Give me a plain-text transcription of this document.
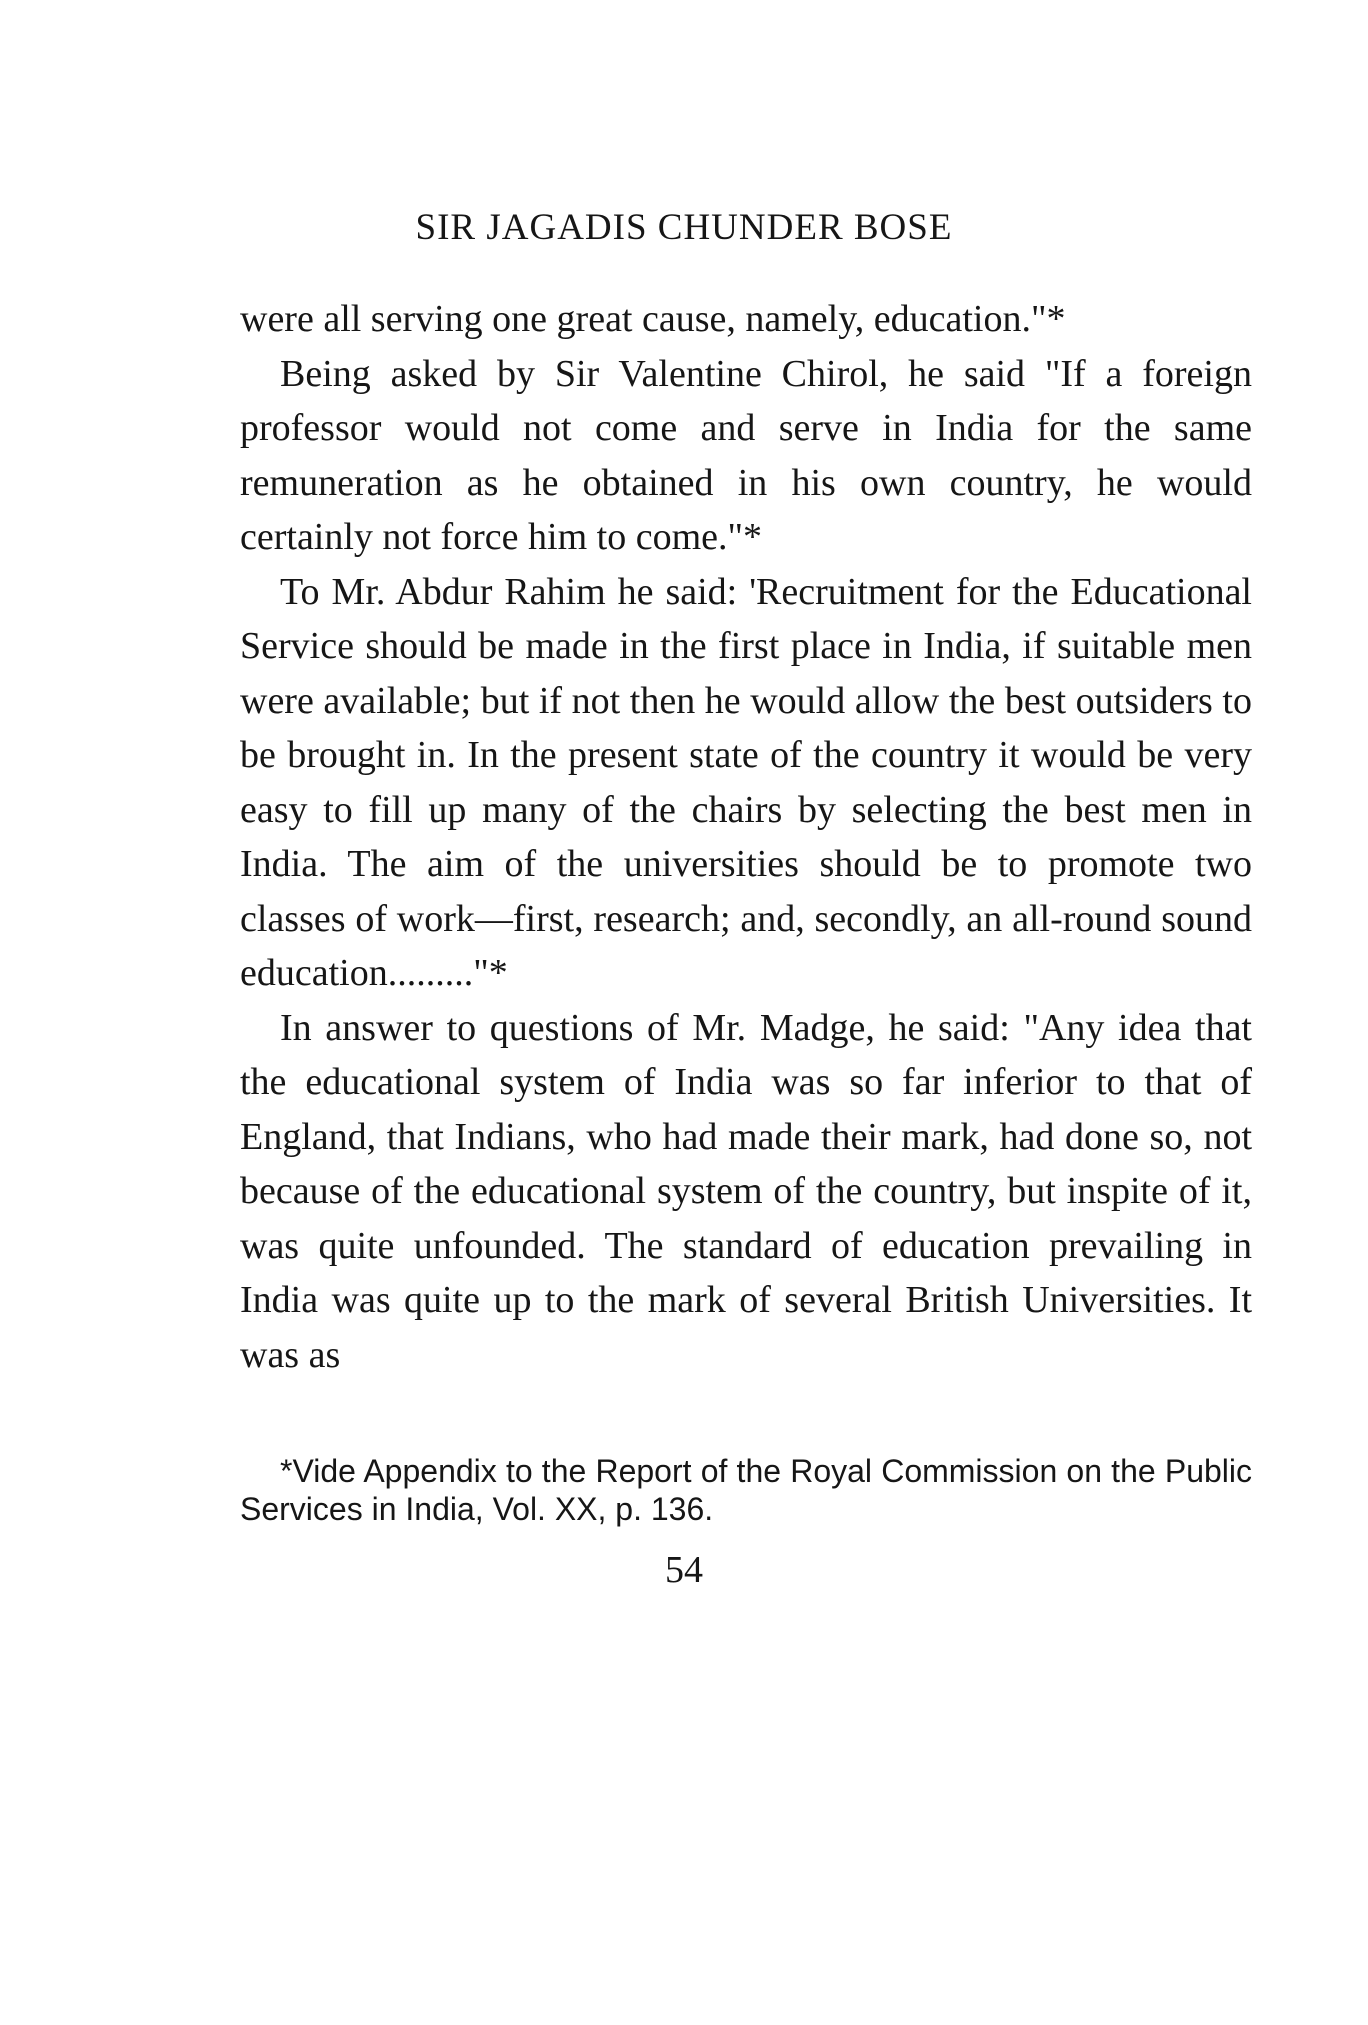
SIR JAGADIS CHUNDER BOSE

were all serving one great cause, namely, education."*

Being asked by Sir Valentine Chirol, he said "If a foreign professor would not come and serve in India for the same remuneration as he obtained in his own country, he would certainly not force him to come."*

To Mr. Abdur Rahim he said: 'Recruitment for the Educational Service should be made in the first place in India, if suitable men were available; but if not then he would allow the best outsiders to be brought in. In the present state of the country it would be very easy to fill up many of the chairs by selecting the best men in India. The aim of the universities should be to promote two classes of work—first, research; and, secondly, an all-round sound education........."*

In answer to questions of Mr. Madge, he said: "Any idea that the educational system of India was so far inferior to that of England, that Indians, who had made their mark, had done so, not because of the educational system of the country, but inspite of it, was quite unfounded. The standard of education prevailing in India was quite up to the mark of several British Universities. It was as

*Vide Appendix to the Report of the Royal Commission on the Public Services in India, Vol. XX, p. 136.
54
